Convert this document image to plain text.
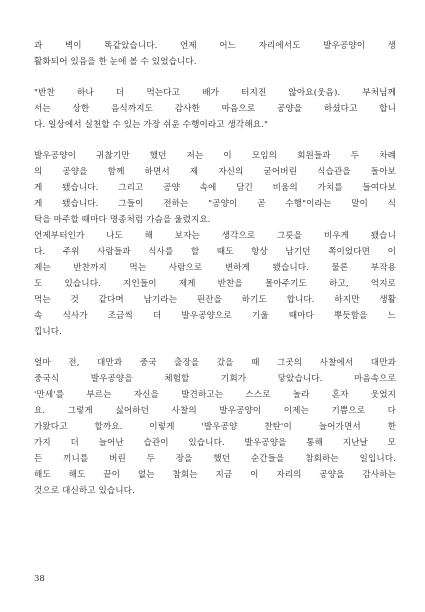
과 벽이 똑같았습니다. 언제 어느 자리에서도 발우공양이 생
활화되어 있음을 한 눈에 볼 수 있었습니다.
"반찬 하나 더 먹는다고 배가 터지진 않아요(웃음). 부처님께
서는 상한 음식까지도 감사한 마음으로 공양을 하셨다고 합니
다. 일상에서 실천할 수 있는 가장 쉬운 수행이라고 생각해요."
발우공양이 귀찮기만 했던 저는 이 모임의 회원들과 두 차례
의 공양을 함께 하면서 제 자신의 굳어버린 식습관을 돌아보
게 됐습니다. 그리고 공양 속에 담긴 비움의 가치를 들여다보
게 됐습니다. 그들이 전하는 "공양이 곧 수행"이라는 말이 식
탁을 마주할 때마다 명종처럼 가슴을 울렸지요.
언제부터인가 나도 해 보자는 생각으로 그릇을 비우게 됐습니
다. 주위 사람들과 식사를 할 때도 항상 남기던 쪽이었다면 이
제는 반찬까지 먹는 사람으로 변하게 됐습니다. 물론 부작용
도 있습니다. 지인들이 제게 반찬을 몰아주기도 하고, 억지로
먹는 것 같다며 남기라는 핀잔을 하기도 합니다. 하지만 생활
속 식사가 조금씩 더 발우공양으로 기울 때마다 뿌듯함을 느
낍니다.
얼마 전, 대만과 중국 출장을 갔을 때 그곳의 사찰에서 대만과
중국식 발우공양을 체험할 기회가 닿았습니다. 마음속으로
'만세'를 부르는 자신을 발견하고는 스스로 놀라 혼자 웃었지
요. 그렇게 싫어하던 사찰의 발우공양이 이제는 기쁨으로 다
가왔다고 할까요. 이렇게 '발우공양 찬탄'이 늘어가면서 한
가지 더 늘어난 습관이 있습니다. 발우공양을 통해 지난날 모
든 끼니를 버린 두 장을 했던 순간들을 참회하는 일입니다.
해도 해도 끝이 없는 참회는 지금 이 자리의 공양을 감사하는
것으로 대신하고 있습니다.
38
